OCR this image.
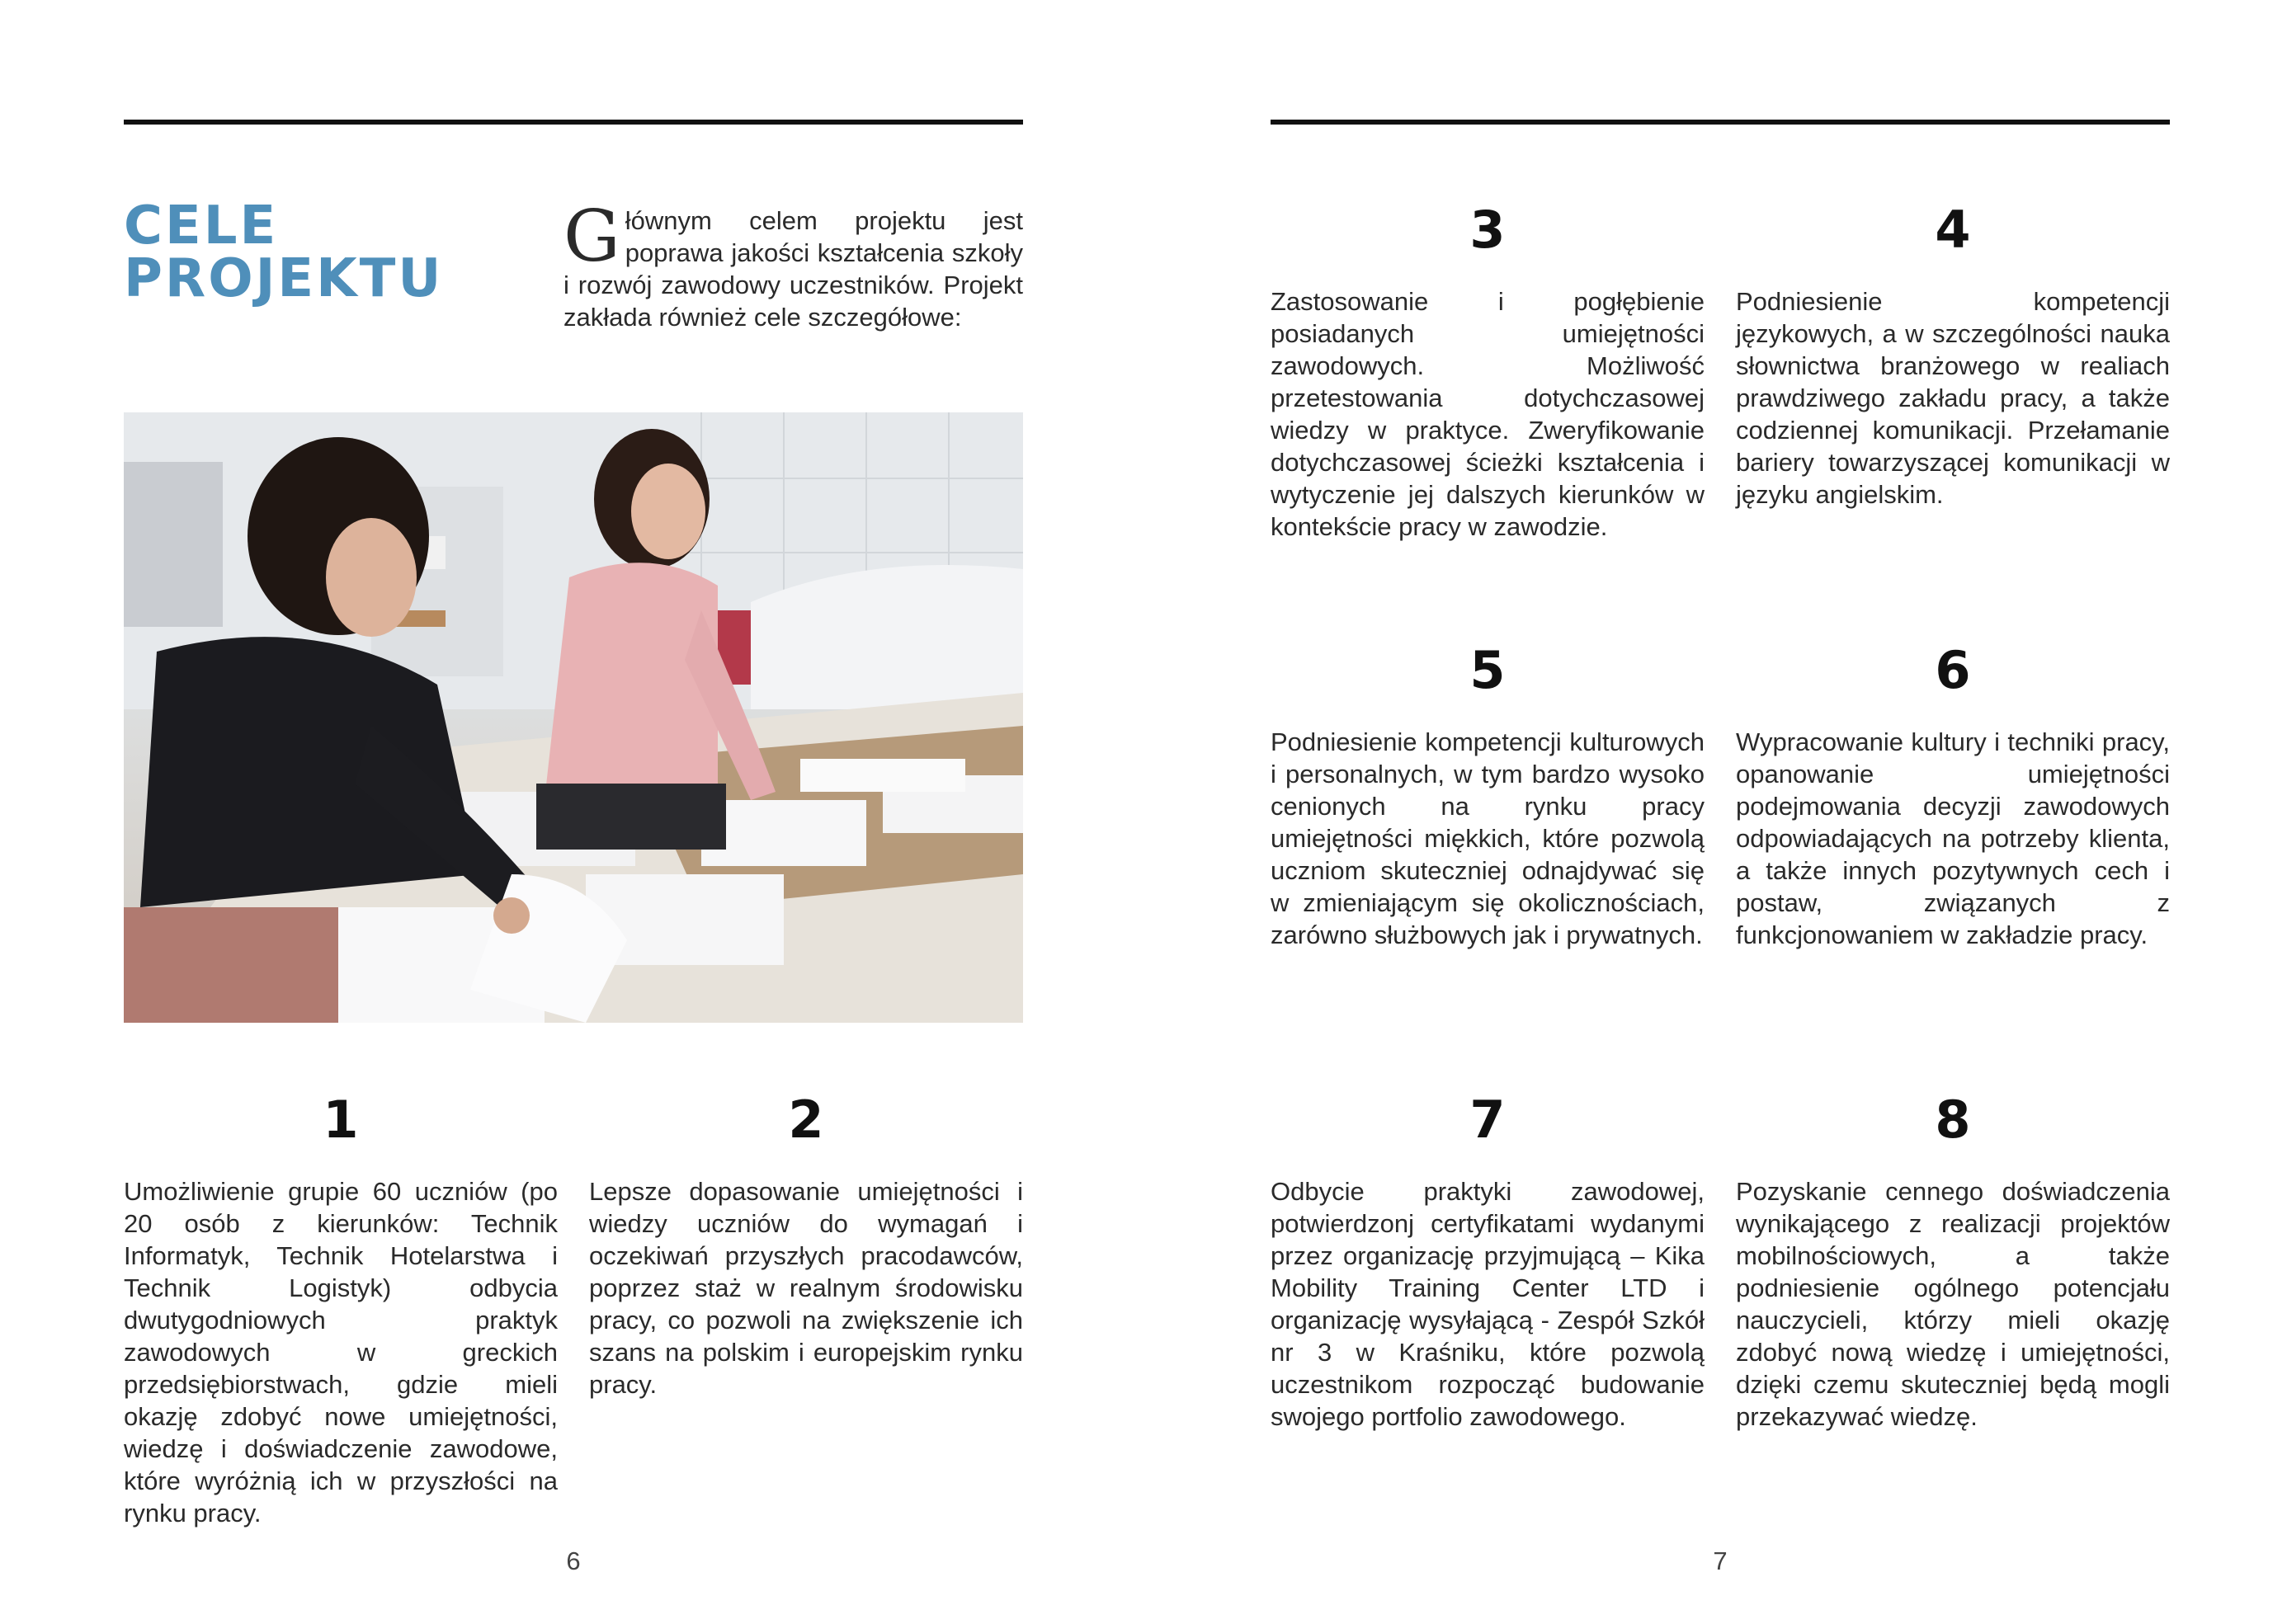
CELE
PROJEKTU

Głównym celem projektu jest poprawa jakości kształcenia szkoły i rozwój zawodowy uczestników. Projekt zakłada również cele szczegółowe:

1

Umożliwienie grupie 60 uczniów (po 20 osób z kierunków: Technik Informatyk, Technik Hotelarstwa i Technik Logistyk) odbycia dwutygodniowych praktyk zawodowych w greckich przedsiębiorstwach, gdzie mieli okazję zdobyć nowe umiejętności, wiedzę i doświadczenie zawodowe, które wyróżnią ich w przyszłości na rynku pracy.

2

Lepsze dopasowanie umiejętności i wiedzy uczniów do wymagań i oczekiwań przyszłych pracodawców, poprzez staż w realnym środowisku pracy, co pozwoli na zwiększenie ich szans na polskim i europejskim rynku pracy.

6
3

Zastosowanie i pogłębienie posiadanych umiejętności zawodowych. Możliwość przetestowania dotychczasowej wiedzy w praktyce. Zweryfikowanie dotychczasowej ścieżki kształcenia i wytyczenie jej dalszych kierunków w kontekście pracy w zawodzie.

4

Podniesienie kompetencji językowych, a w szczególności nauka słownictwa branżowego w realiach prawdziwego zakładu pracy, a także codziennej komunikacji. Przełamanie bariery towarzyszącej komunikacji w języku angielskim.

5

Podniesienie kompetencji kulturowych i personalnych, w tym bardzo wysoko cenionych na rynku pracy umiejętności miękkich, które pozwolą uczniom skuteczniej odnajdywać się w zmieniającym się okolicznościach, zarówno służbowych jak i prywatnych.

6

Wypracowanie kultury i techniki pracy, opanowanie umiejętności podejmowania decyzji zawodowych odpowiadających na potrzeby klienta, a także innych pozytywnych cech i postaw, związanych z funkcjonowaniem w zakładzie pracy.

7

Odbycie praktyki zawodowej, potwierdzonj certyfikatami wydanymi przez organizację przyjmującą – Kika Mobility Training Center LTD i organizację wysyłającą - Zespół Szkół nr 3 w Kraśniku, które pozwolą uczestnikom rozpocząć budowanie swojego portfolio zawodowego.

8

Pozyskanie cennego doświadczenia wynikającego z realizacji projektów mobilnościowych, a także podniesienie ogólnego potencjału nauczycieli, którzy mieli okazję zdobyć nową wiedzę i umiejętności, dzięki czemu skuteczniej będą mogli przekazywać wiedzę.

7
